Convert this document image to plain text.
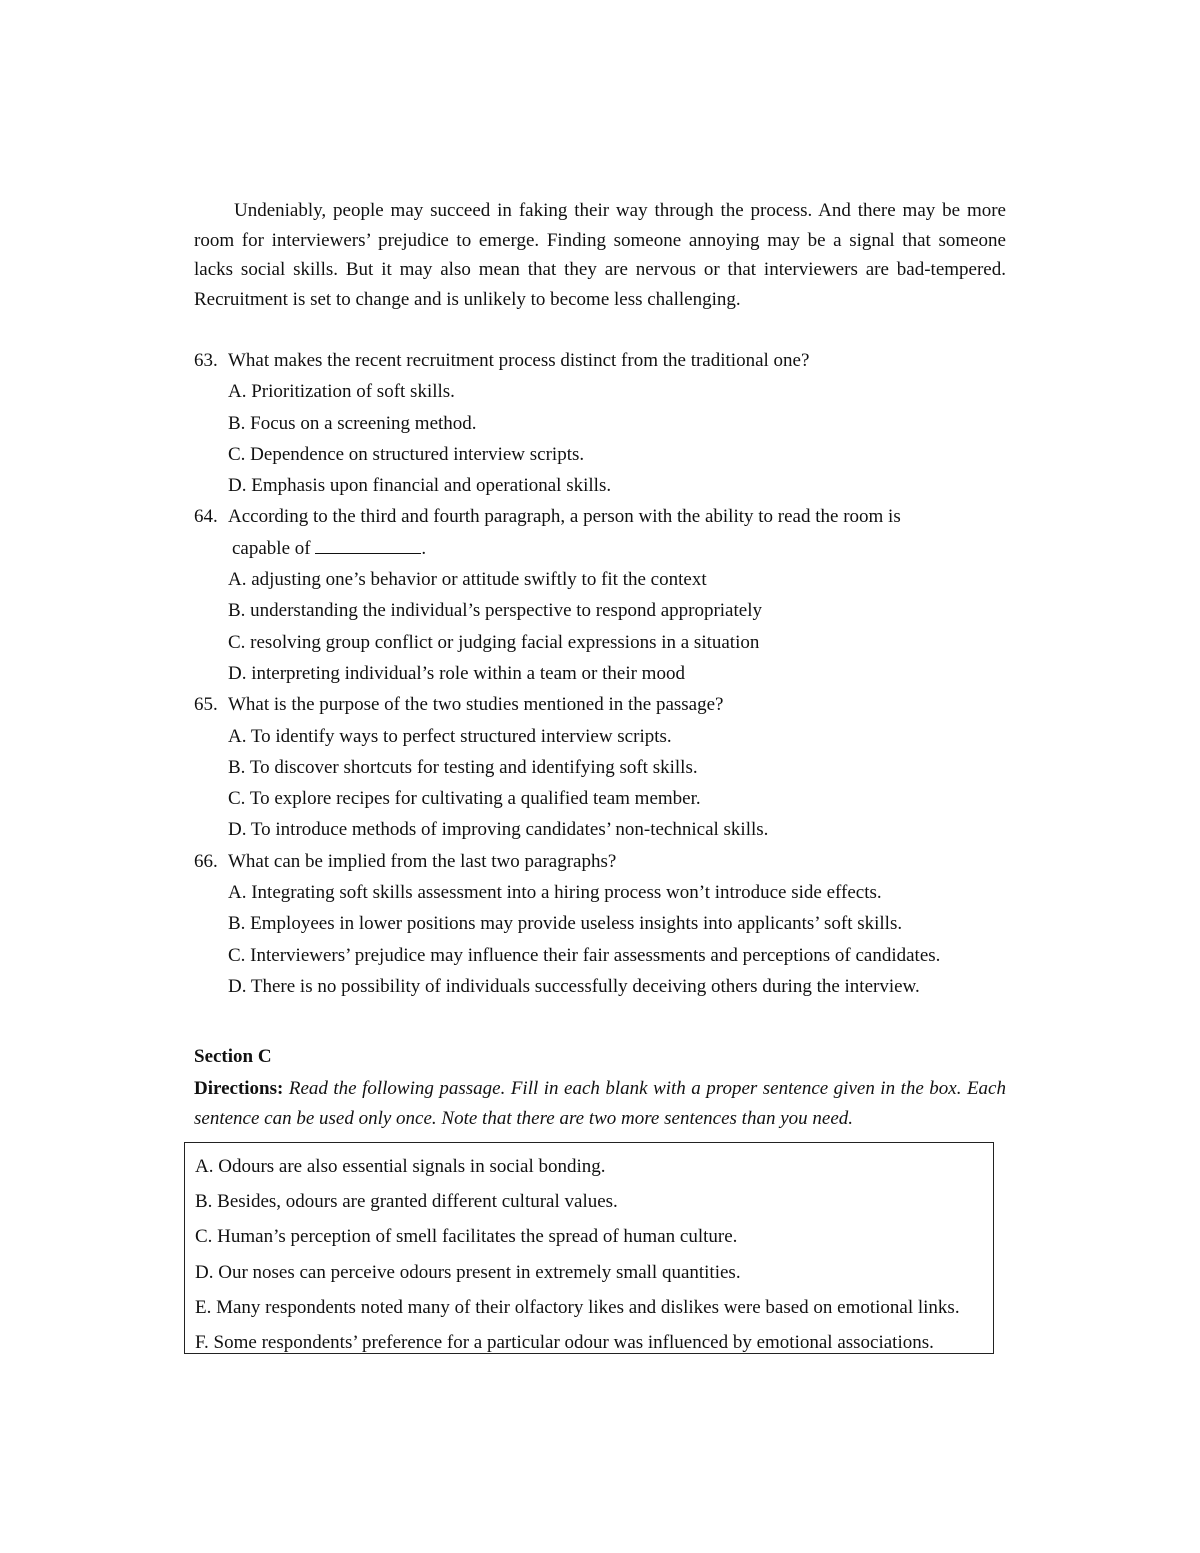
Undeniably, people may succeed in faking their way through the process. And there may be more room for interviewers’ prejudice to emerge. Finding someone annoying may be a signal that someone lacks social skills. But it may also mean that they are nervous or that interviewers are bad-tempered. Recruitment is set to change and is unlikely to become less challenging.

63. What makes the recent recruitment process distinct from the traditional one?
A. Prioritization of soft skills.
B. Focus on a screening method.
C. Dependence on structured interview scripts.
D. Emphasis upon financial and operational skills.
64. According to the third and fourth paragraph, a person with the ability to read the room is
capable of	.
A. adjusting one’s behavior or attitude swiftly to fit the context
B. understanding the individual’s perspective to respond appropriately
C. resolving group conflict or judging facial expressions in a situation
D. interpreting individual’s role within a team or their mood
65. What is the purpose of the two studies mentioned in the passage?
A. To identify ways to perfect structured interview scripts.
B. To discover shortcuts for testing and identifying soft skills.
C. To explore recipes for cultivating a qualified team member.
D. To introduce methods of improving candidates’ non-technical skills.
66. What can be implied from the last two paragraphs?
A. Integrating soft skills assessment into a hiring process won’t introduce side effects.
B. Employees in lower positions may provide useless insights into applicants’ soft skills.
C. Interviewers’ prejudice may influence their fair assessments and perceptions of candidates.
D. There is no possibility of individuals successfully deceiving others during the interview.

Section C

Directions: Read the following passage. Fill in each blank with a proper sentence given in the box. Each sentence can be used only once. Note that there are two more sentences than you need.

A. Odours are also essential signals in social bonding.

B. Besides, odours are granted different cultural values.

C. Human’s perception of smell facilitates the spread of human culture.

D. Our noses can perceive odours present in extremely small quantities.

E. Many respondents noted many of their olfactory likes and dislikes were based on emotional links.

F. Some respondents’ preference for a particular odour was influenced by emotional associations.
